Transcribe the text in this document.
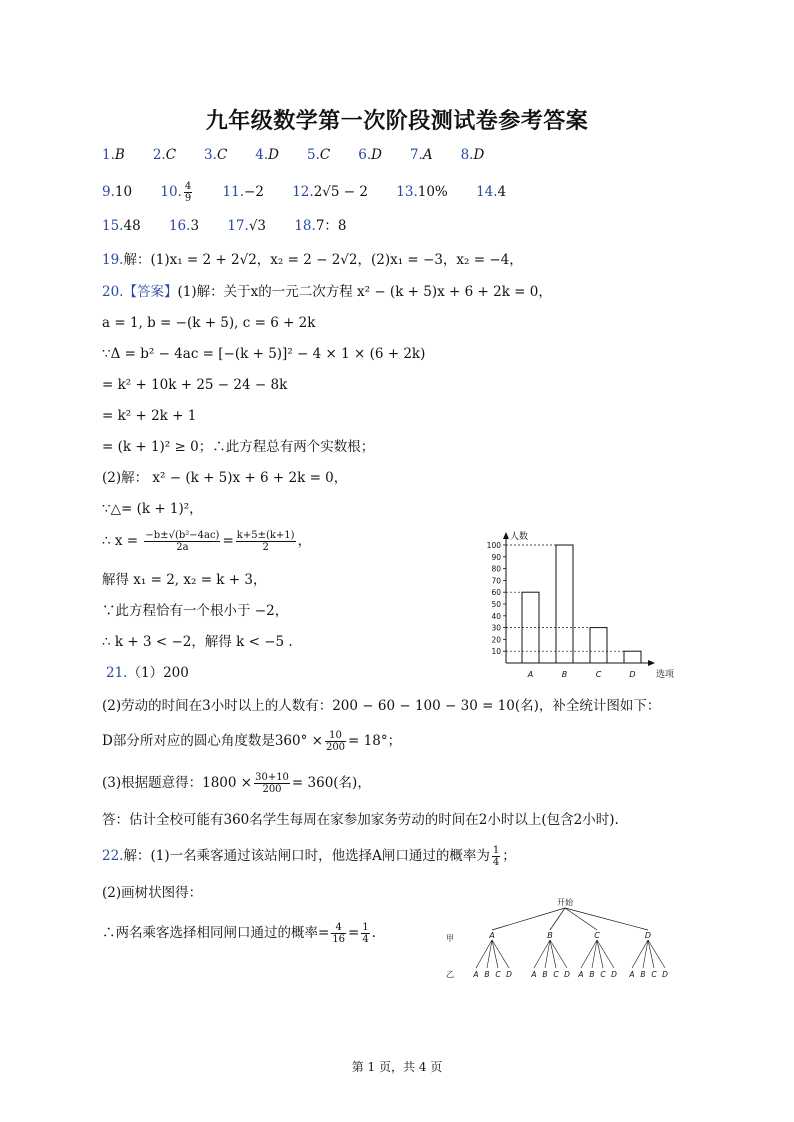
九年级数学第一次阶段测试卷参考答案
1.B 2.C 3.C 4.D 5.C 6.D 7.A 8.D
9.10 10. $\frac{4}{9} 11.-2$ 12.2√5 − 2 13.10% 14.4
15.48 16.3 17.√3 18.7：8
19.解：(1)x₁ = 2 + 2√2，x₂ = 2 − 2√2，(2)x₁ = −3，x₂ = −4，
20.【答案】(1)解：关于x的一元二次方程 x² − (k + 5)x + 6 + 2k = 0，
a = 1, b = −(k + 5), c = 6 + 2k
∵Δ = b² − 4ac = [−(k + 5)]² − 4 × 1 × (6 + 2k)
= k² + 10k + 25 − 24 − 8k
= k² + 2k + 1
= (k + 1)² ≥ 0；∴此方程总有两个实数根；
(2)解： x² − (k + 5)x + 6 + 2k = 0，
∵△= (k + 1)²，
∴ $x = \frac{\text{−b±√(b²−4ac)}}{2a} = \frac{k+5\pm(k+1)}{2}$ ，
解得 x₁ = 2, x₂ = k + 3，
∵此方程恰有一个根小于 −2，
∴ k + 3 < −2，解得 k < −5 .
21.（1）200
(2)劳动的时间在3小时以上的人数有：200 − 60 − 100 − 30 = 10(名)，补全统计图如下：
D部分所对应的圆心角度数是$360^\circ \times \frac{10}{200} = 18^\circ$；
(3)根据题意得：$1800 \times \frac{30+10}{200} = 360$(名)，
答：估计全校可能有360名学生每周在家参加家务劳动的时间在2小时以上(包含2小时).
22.解：(1)一名乘客通过该站闸口时，他选择A闸口通过的概率为 $\frac{1}{4}$ ；
(2)画树状图得：
∴两名乘客选择相同闸口通过的概率= $\frac{4}{16} = \frac{1}{4}$ .
10
20
30
40
50
60
70
80
90
100
人数
选项
A	B	C	D
开始
甲
乙
A
A B C D
B
A B C D
C
A B C D
D
A B C D
第 1 页，共 4 页
